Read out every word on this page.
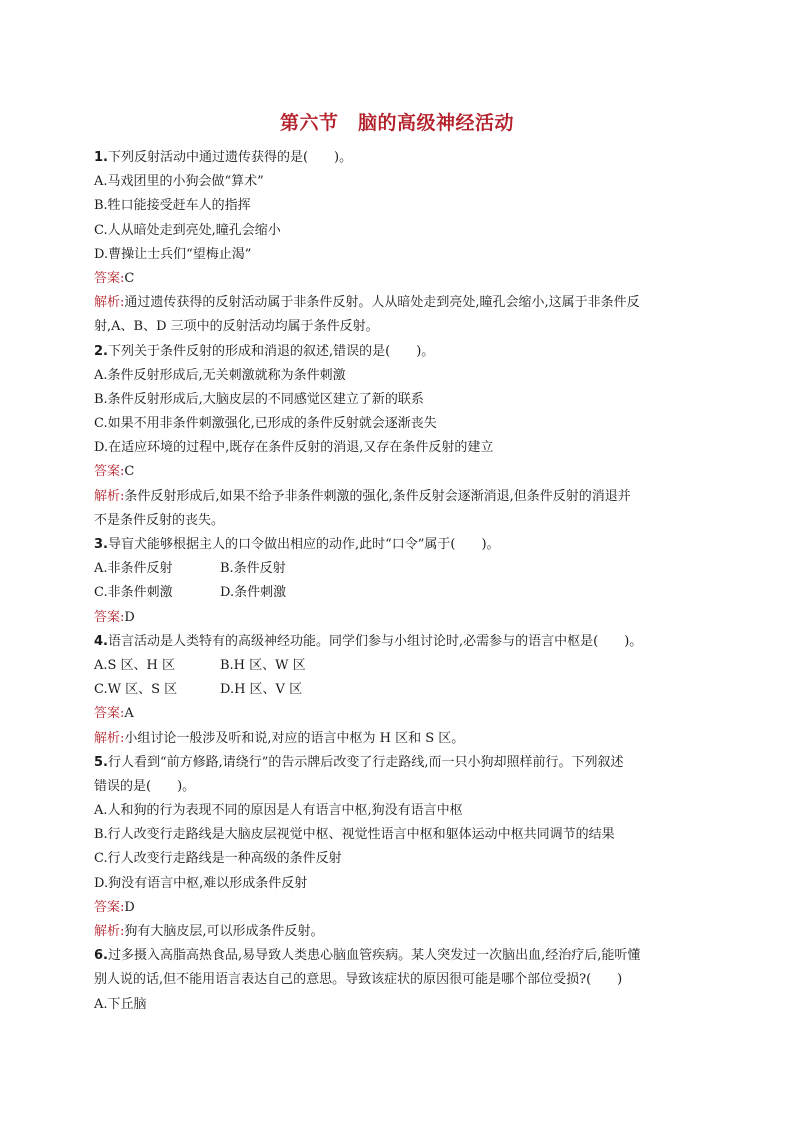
第六节　脑的高级神经活动
1.下列反射活动中通过遗传获得的是(　　)。
A.马戏团里的小狗会做“算术”
B.牲口能接受赶车人的指挥
C.人从暗处走到亮处,瞳孔会缩小
D.曹操让士兵们“望梅止渴”
答案:C
解析:通过遗传获得的反射活动属于非条件反射。人从暗处走到亮处,瞳孔会缩小,这属于非条件反
射,A、B、D 三项中的反射活动均属于条件反射。
2.下列关于条件反射的形成和消退的叙述,错误的是(　　)。
A.条件反射形成后,无关刺激就称为条件刺激
B.条件反射形成后,大脑皮层的不同感觉区建立了新的联系
C.如果不用非条件刺激强化,已形成的条件反射就会逐渐丧失
D.在适应环境的过程中,既存在条件反射的消退,又存在条件反射的建立
答案:C
解析:条件反射形成后,如果不给予非条件刺激的强化,条件反射会逐渐消退,但条件反射的消退并
不是条件反射的丧失。
3.导盲犬能够根据主人的口令做出相应的动作,此时“口令”属于(　　)。
A.非条件反射	B.条件反射
C.非条件刺激	D.条件刺激
答案:D
4.语言活动是人类特有的高级神经功能。同学们参与小组讨论时,必需参与的语言中枢是(　　)。
A.S 区、H 区	B.H 区、W 区
C.W 区、S 区	D.H 区、V 区
答案:A
解析:小组讨论一般涉及听和说,对应的语言中枢为 H 区和 S 区。
5.行人看到“前方修路,请绕行”的告示牌后改变了行走路线,而一只小狗却照样前行。下列叙述
错误的是(　　)。
A.人和狗的行为表现不同的原因是人有语言中枢,狗没有语言中枢
B.行人改变行走路线是大脑皮层视觉中枢、视觉性语言中枢和躯体运动中枢共同调节的结果
C.行人改变行走路线是一种高级的条件反射
D.狗没有语言中枢,难以形成条件反射
答案:D
解析:狗有大脑皮层,可以形成条件反射。
6.过多摄入高脂高热食品,易导致人类患心脑血管疾病。某人突发过一次脑出血,经治疗后,能听懂
别人说的话,但不能用语言表达自己的意思。导致该症状的原因很可能是哪个部位受损?(　　)
A.下丘脑
